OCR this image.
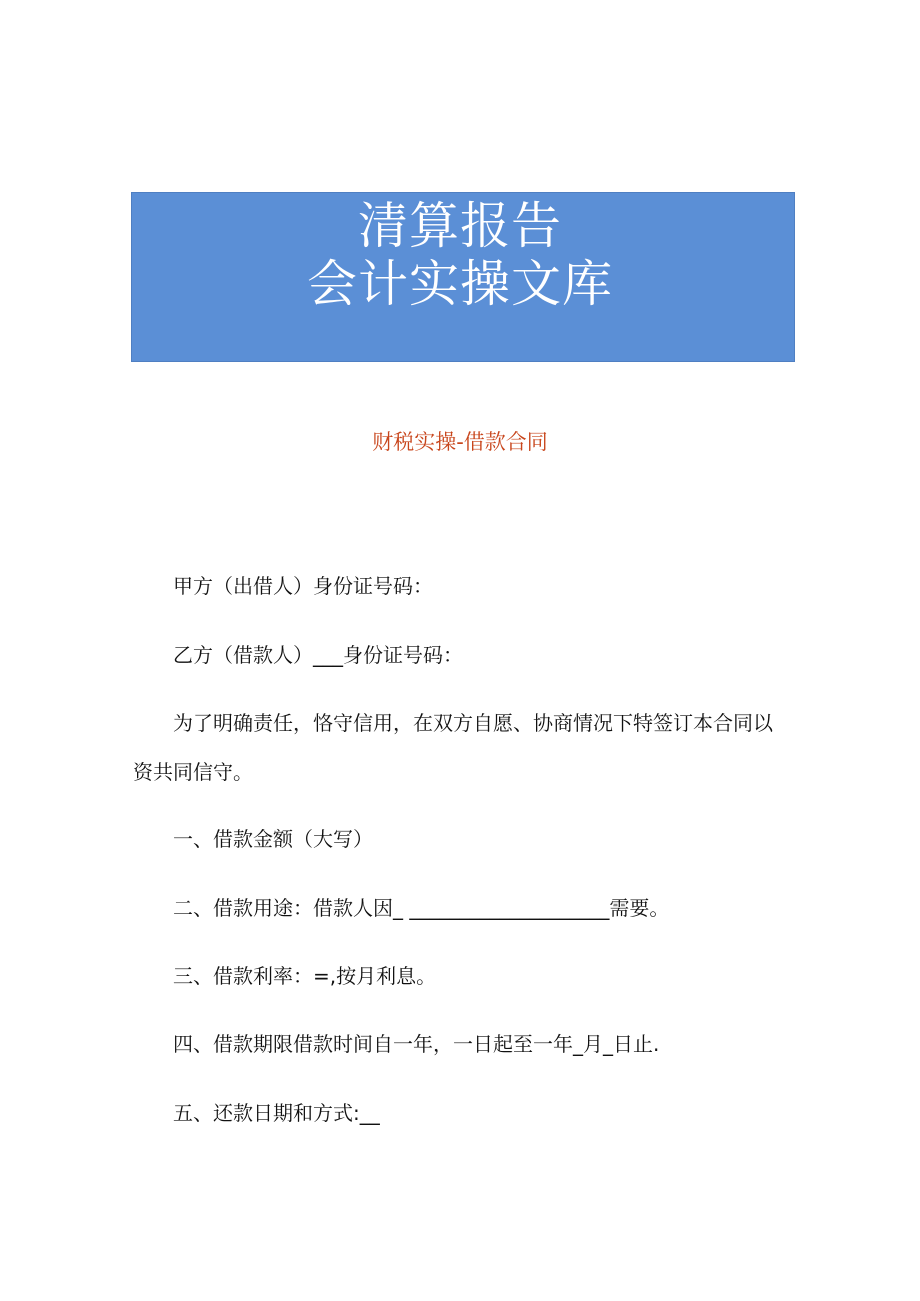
清算报告
会计实操文库
财税实操-借款合同
甲方（出借人）身份证号码：
乙方（借款人）___身份证号码：
为了明确责任，恪守信用，在双方自愿、协商情况下特签订本合同以
资共同信守。
一、借款金额（大写）
二、借款用途：借款人因_ ____________________需要。
三、借款利率：=,按月利息。
四、借款期限借款时间自一年，一日起至一年_月_日止.
五、还款日期和方式:__
